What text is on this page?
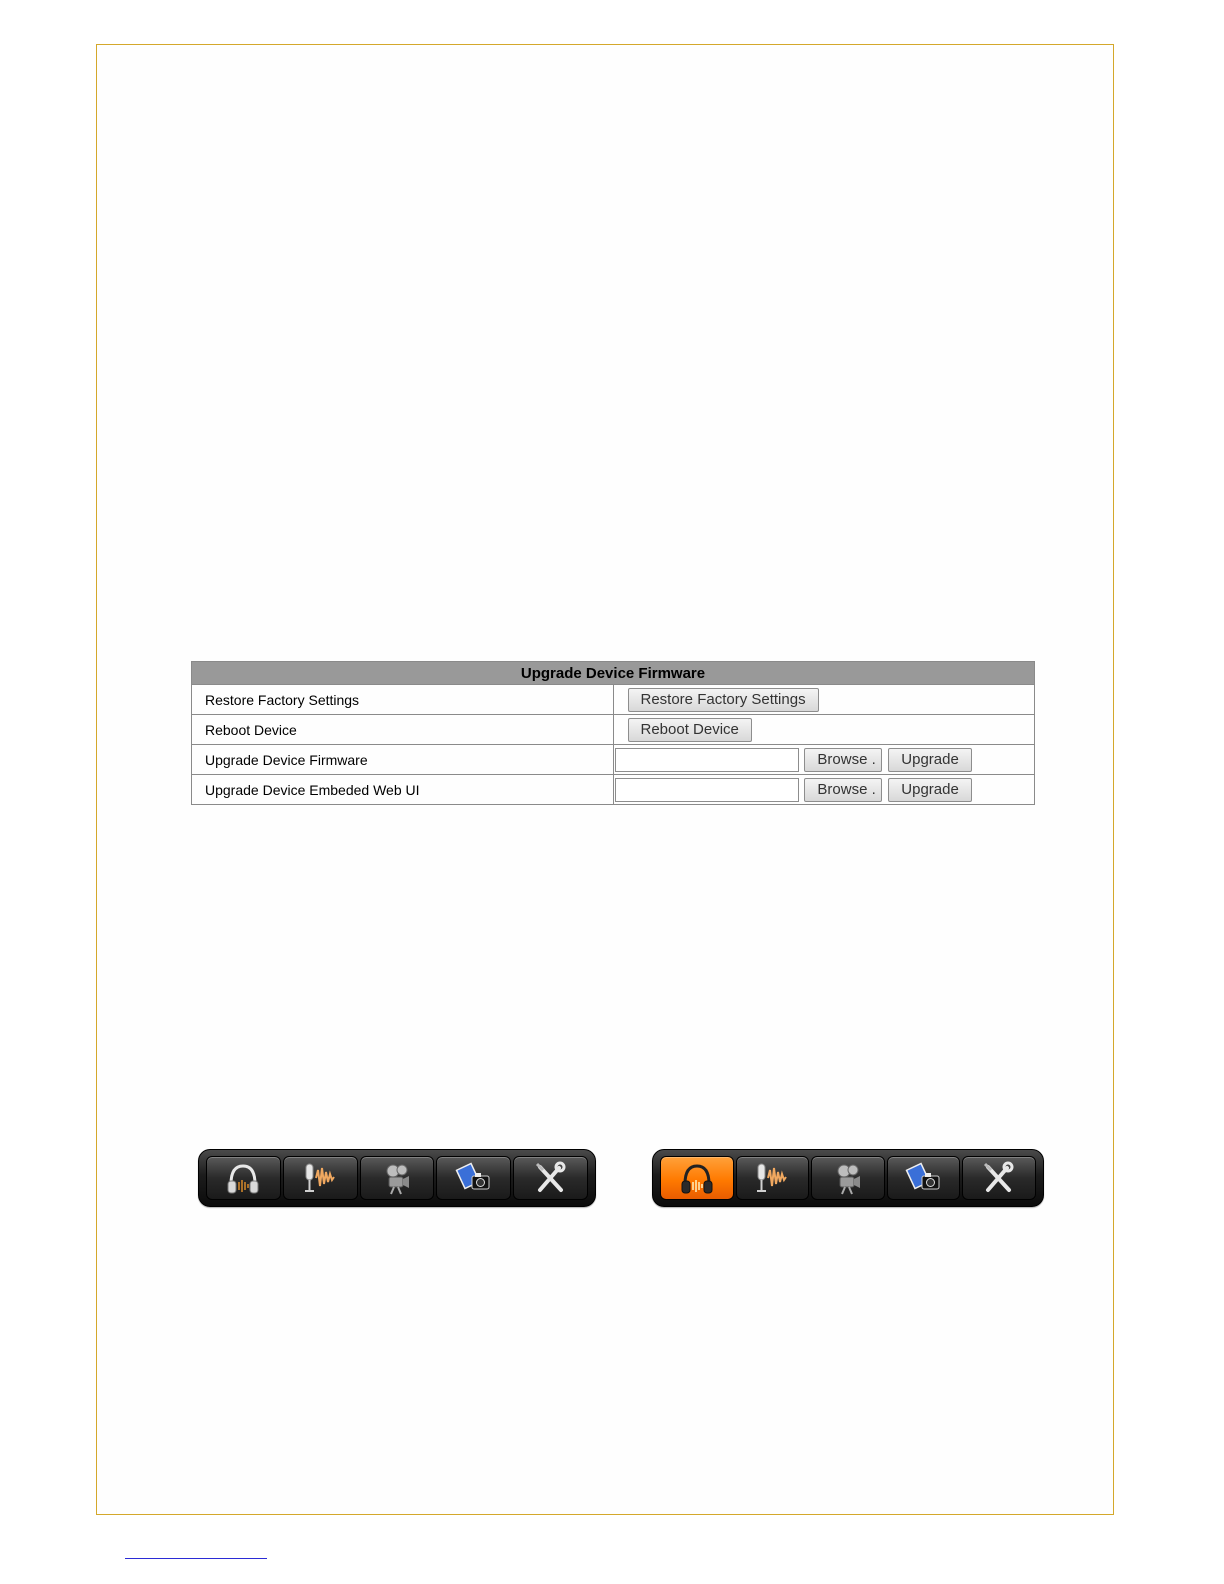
Upgrade Device Firmware	
Restore Factory Settings	Restore Factory Settings
Reboot Device	Reboot Device
Upgrade Device Firmware	Browse . Upgrade
Upgrade Device Embeded Web UI	Browse . Upgrade
